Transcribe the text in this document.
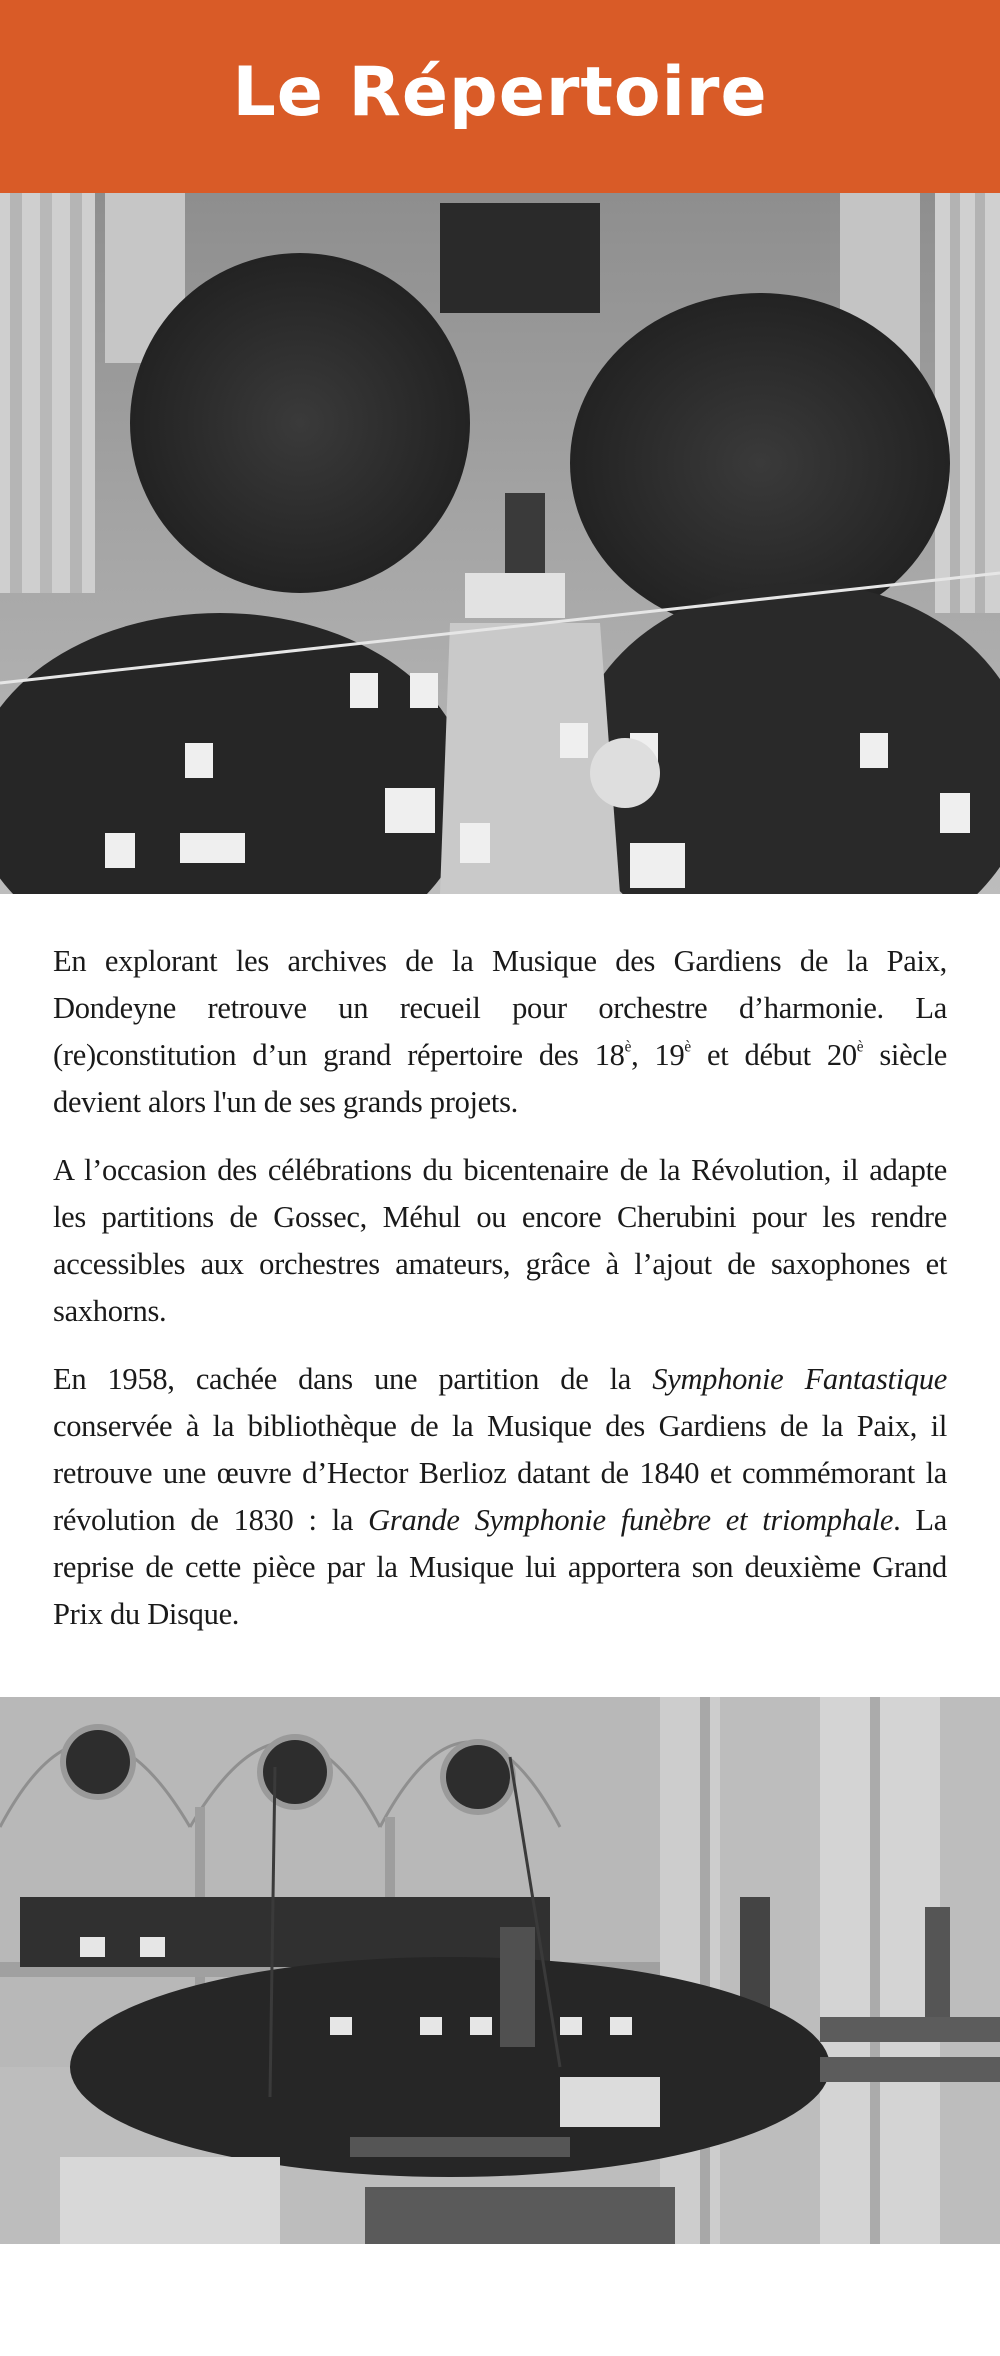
Le Répertoire

En explorant les archives de la Musique des Gardiens de la Paix, Dondeyne retrouve un recueil pour orchestre d’harmonie. La (re)constitution d’un grand répertoire des $18^è$, $19^è$ et début $20^è$ siècle devient alors l'un de ses grands projets.

A l’occasion des célébrations du bicentenaire de la Révolution, il adapte les partitions de Gossec, Méhul ou encore Cherubini pour les rendre accessibles aux orchestres amateurs, grâce à l’ajout de saxophones et saxhorns.

En 1958, cachée dans une partition de la Symphonie Fantastique conservée à la bibliothèque de la Musique des Gardiens de la Paix, il retrouve une œuvre d’Hector Berlioz datant de 1840 et commémorant la révolution de 1830 : la Grande Symphonie funèbre et triomphale. La reprise de cette pièce par la Musique lui apportera son deuxième Grand Prix du Disque.
